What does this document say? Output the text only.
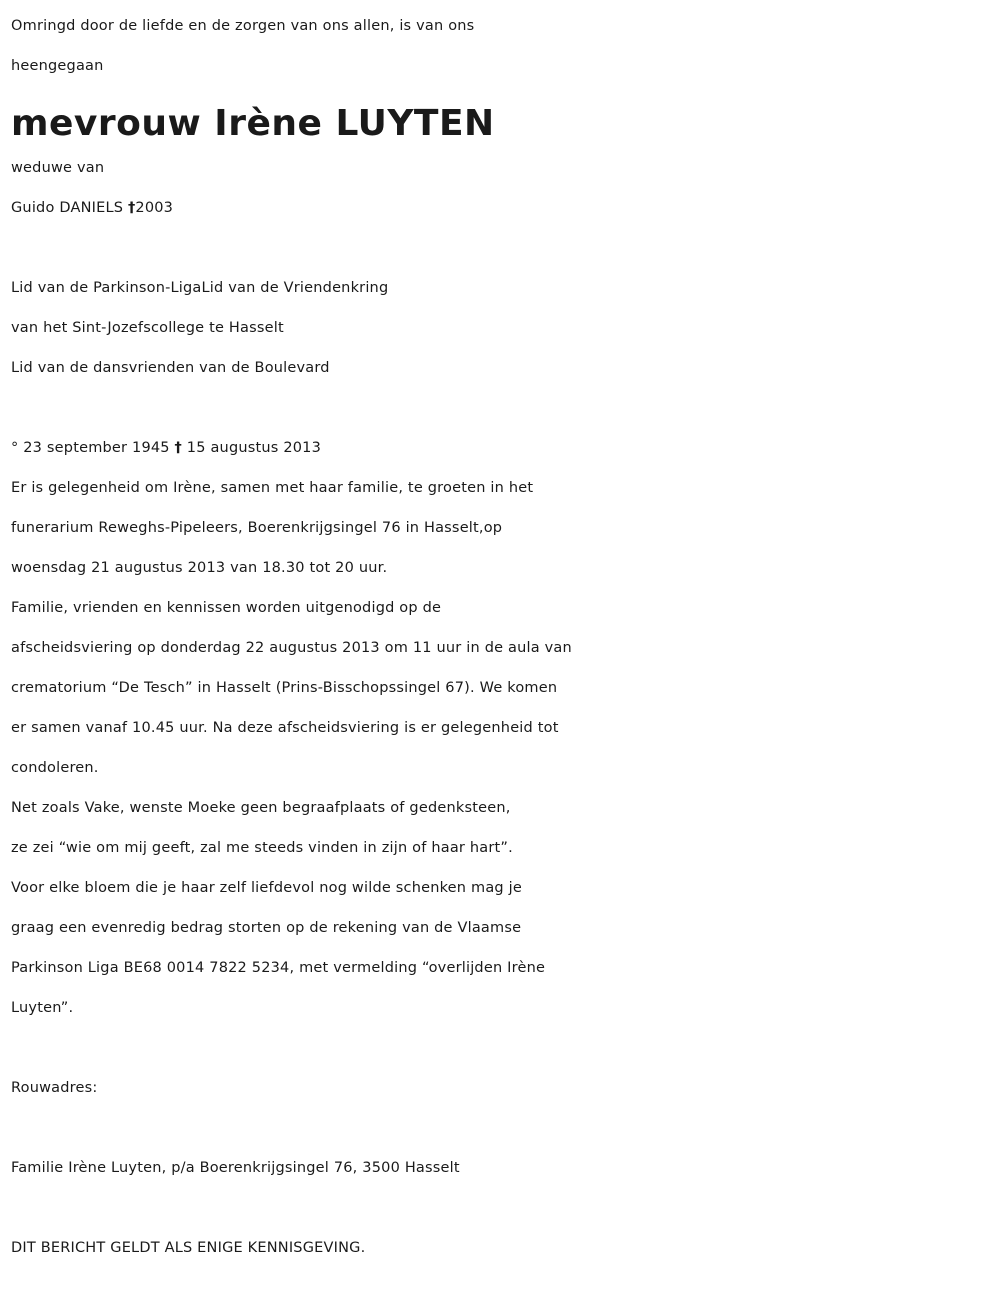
Omringd door de liefde en de zorgen van ons allen, is van ons
heengegaan
mevrouw Irène LUYTEN
weduwe van
Guido DANIELS †2003
Lid van de Parkinson-LigaLid van de Vriendenkring
van het Sint-Jozefscollege te Hasselt
Lid van de dansvrienden van de Boulevard
° 23 september 1945 † 15 augustus 2013
Er is gelegenheid om Irène, samen met haar familie, te groeten in het
funerarium Reweghs-Pipeleers, Boerenkrijgsingel 76 in Hasselt,op
woensdag 21 augustus 2013 van 18.30 tot 20 uur.
Familie, vrienden en kennissen worden uitgenodigd op de
afscheidsviering op donderdag 22 augustus 2013 om 11 uur in de aula van
crematorium “De Tesch” in Hasselt (Prins-Bisschopssingel 67). We komen
er samen vanaf 10.45 uur. Na deze afscheidsviering is er gelegenheid tot
condoleren.
Net zoals Vake, wenste Moeke geen begraafplaats of gedenksteen,
ze zei “wie om mij geeft, zal me steeds vinden in zijn of haar hart”.
Voor elke bloem die je haar zelf liefdevol nog wilde schenken mag je
graag een evenredig bedrag storten op de rekening van de Vlaamse
Parkinson Liga BE68 0014 7822 5234, met vermelding “overlijden Irène
Luyten”.
Rouwadres:
Familie Irène Luyten, p/a Boerenkrijgsingel 76, 3500 Hasselt
DIT BERICHT GELDT ALS ENIGE KENNISGEVING.
